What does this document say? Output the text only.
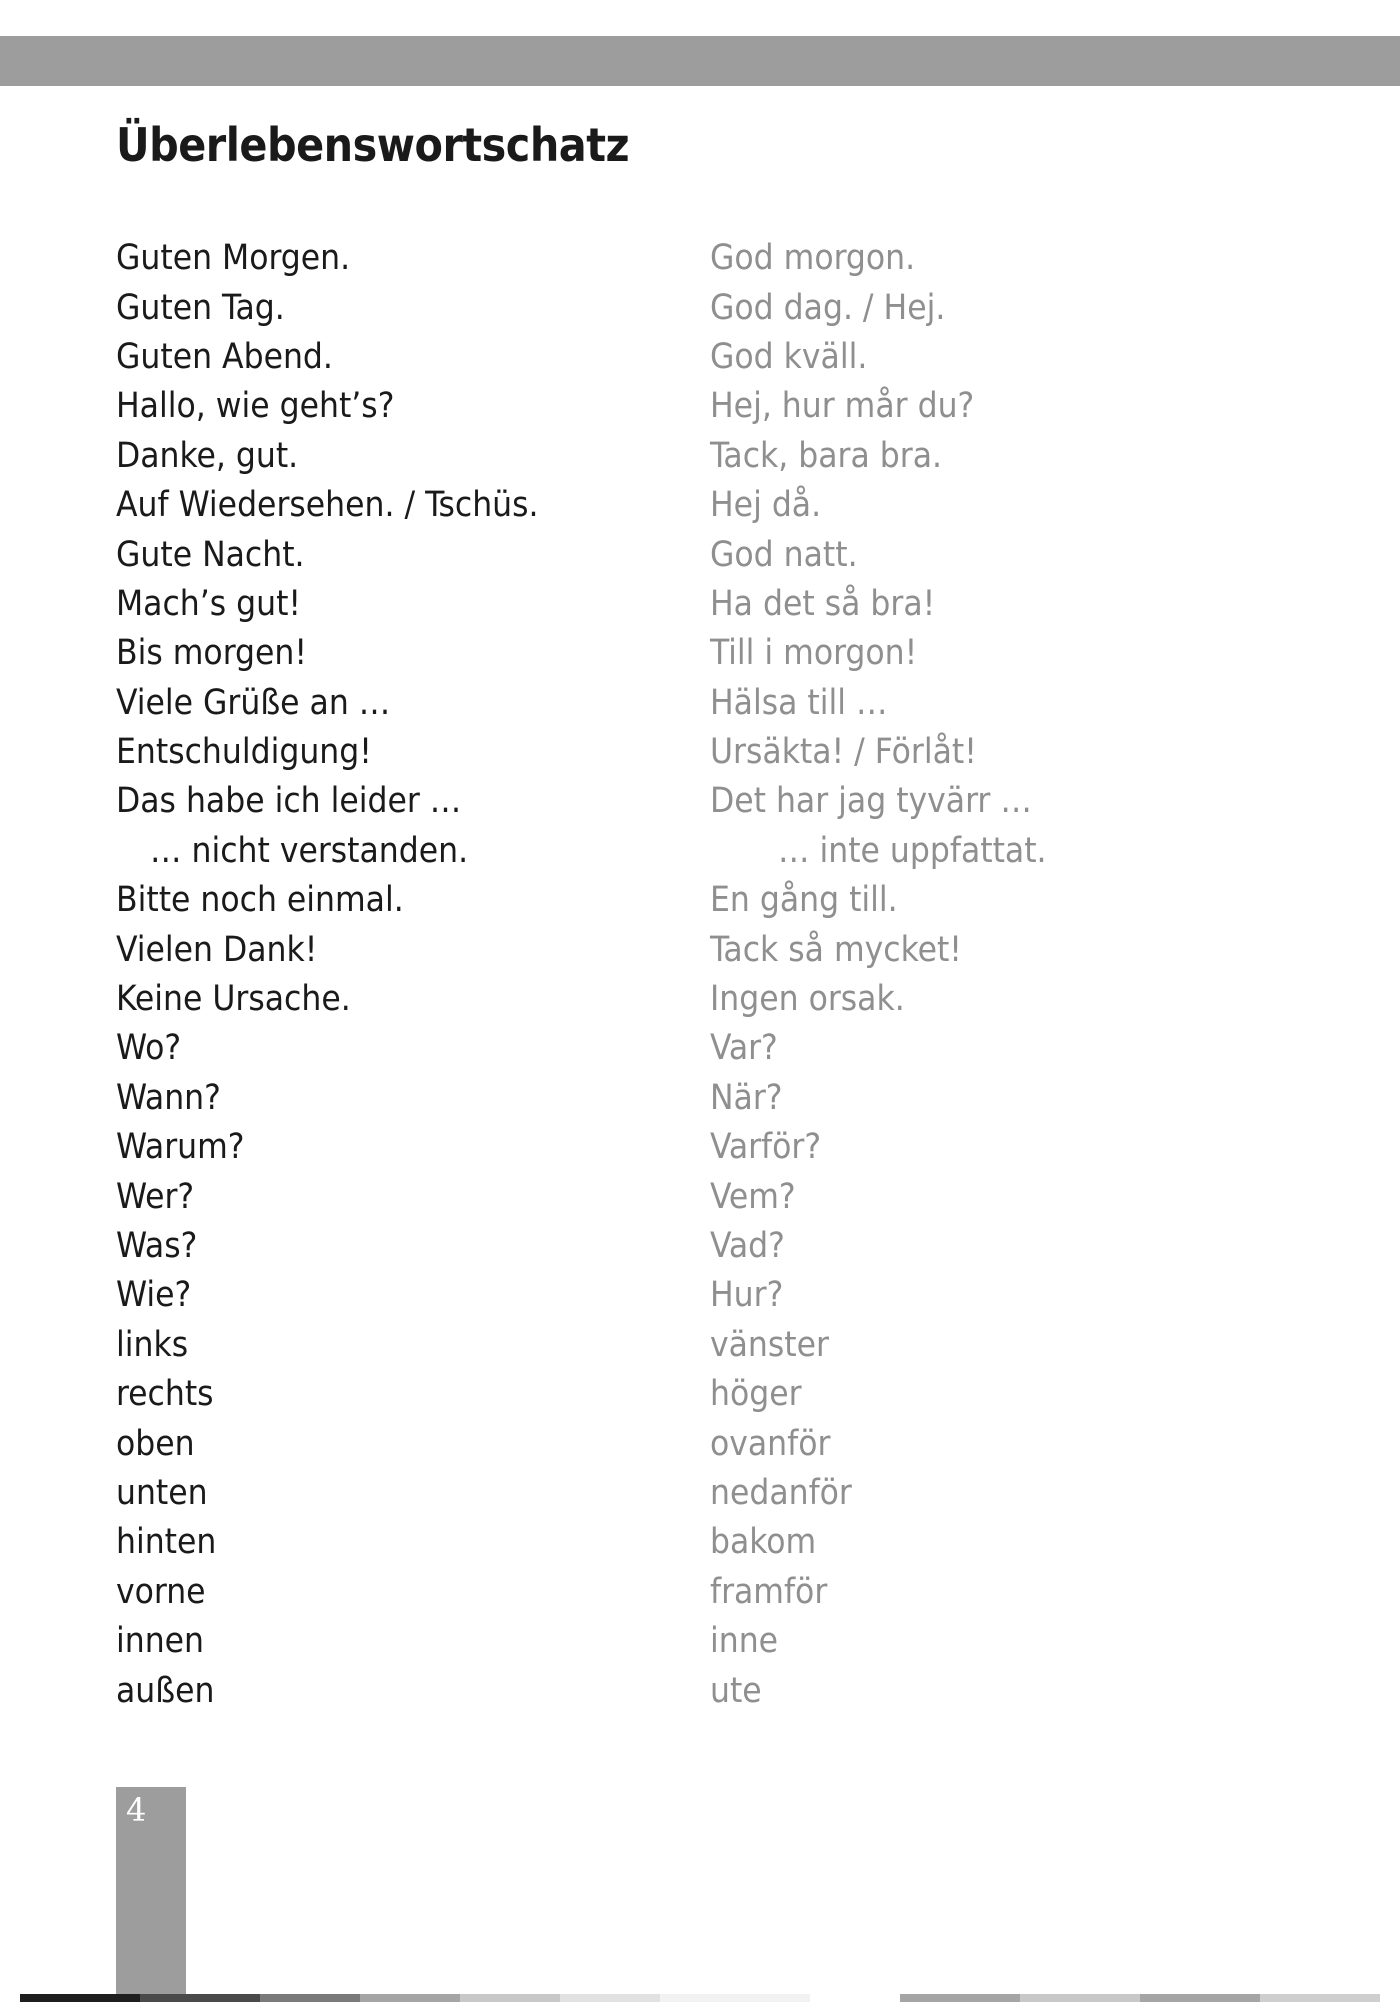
Überlebenswortschatz
Guten Morgen.	God morgon.
Guten Tag.	God dag. / Hej.
Guten Abend.	God kväll.
Hallo, wie geht’s?	Hej, hur mår du?
Danke, gut.	Tack, bara bra.
Auf Wiedersehen. / Tschüs.	Hej då.
Gute Nacht.	God natt.
Mach’s gut!	Ha det så bra!
Bis morgen!	Till i morgon!
Viele Grüße an …	Hälsa till …
Entschuldigung!	Ursäkta! / Förlåt!
Das habe ich leider …	Det har jag tyvärr …
… nicht verstanden.	… inte uppfattat.
Bitte noch einmal.	En gång till.
Vielen Dank!	Tack så mycket!
Keine Ursache.	Ingen orsak.
Wo?	Var?
Wann?	När?
Warum?	Varför?
Wer?	Vem?
Was?	Vad?
Wie?	Hur?
links	vänster
rechts	höger
oben	ovanför
unten	nedanför
hinten	bakom
vorne	framför
innen	inne
außen	ute
4
